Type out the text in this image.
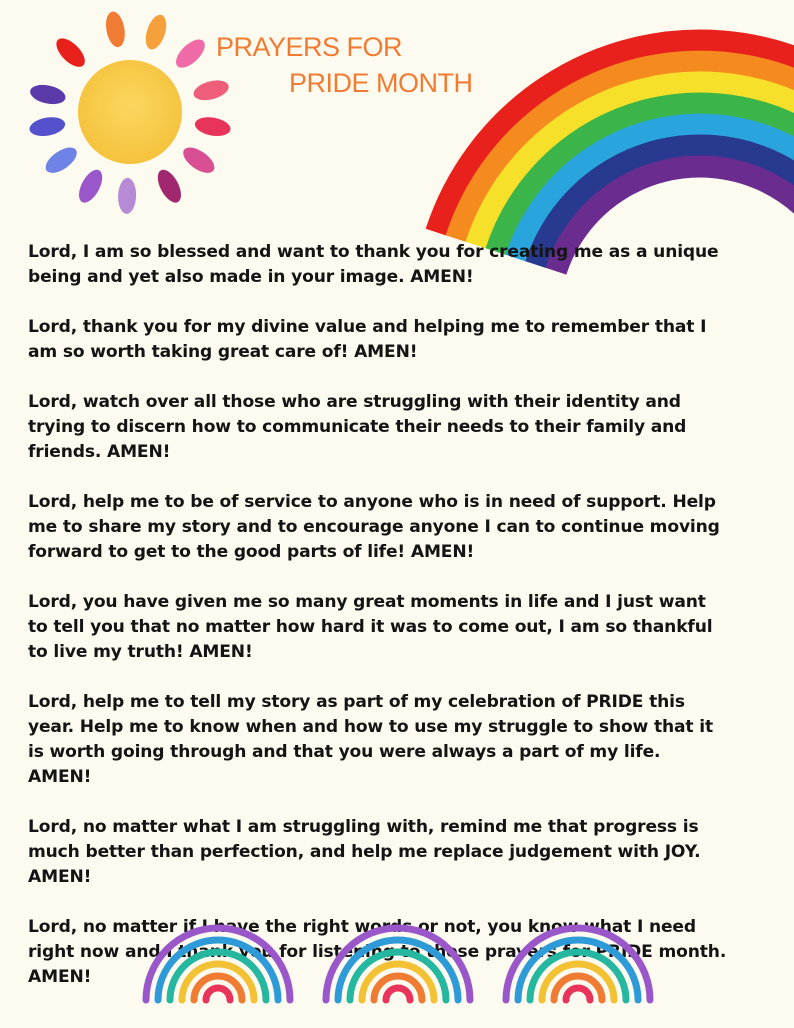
PRAYERS FOR
PRIDE MONTH

Lord, I am so blessed and want to thank you for creating me as a unique being and yet also made in your image. AMEN!

Lord, thank you for my divine value and helping me to remember that I am so worth taking great care of! AMEN!

Lord, watch over all those who are struggling with their identity and trying to discern how to communicate their needs to their family and friends. AMEN!

Lord, help me to be of service to anyone who is in need of support. Help me to share my story and to encourage anyone I can to continue moving forward to get to the good parts of life! AMEN!

Lord, you have given me so many great moments in life and I just want to tell you that no matter how hard it was to come out, I am so thankful to live my truth! AMEN!

Lord, help me to tell my story as part of my celebration of PRIDE this year. Help me to know when and how to use my struggle to show that it is worth going through and that you were always a part of my life. AMEN!

Lord, no matter what I am struggling with, remind me that progress is much better than perfection, and help me replace judgement with JOY. AMEN!

Lord, no matter if I have the right words or not, you know what I need right now and I thank you for listening to these prayers for PRIDE month. AMEN!
